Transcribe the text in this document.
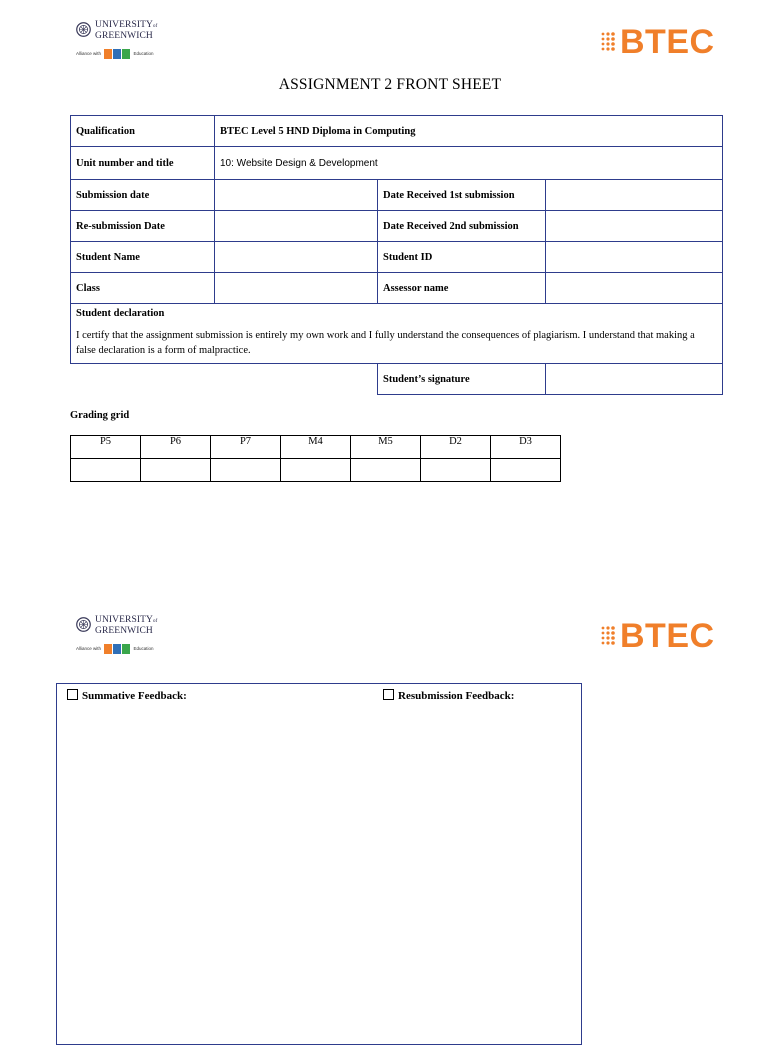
UNIVERSITYof
GREENWICH
Alliance with	Education	BTEC
ASSIGNMENT 2 FRONT SHEET
Qualification	BTEC Level 5 HND Diploma in Computing		
Unit number and title	10: Website Design & Development		
Submission date		Date Received 1st submission	
Re-submission Date		Date Received 2nd submission	
Student Name		Student ID	
Class		Assessor name	

Student declaration
I certify that the assignment submission is entirely my own work and I fully understand the consequences of plagiarism. I understand that making a false declaration is a form of malpractice.			

		Student’s signature	
Grading grid
P5	P6	P7	M4	M5	D2	D3

UNIVERSITYof
GREENWICH
Alliance with	Education	BTEC
Summative Feedback:	Resubmission Feedback:
